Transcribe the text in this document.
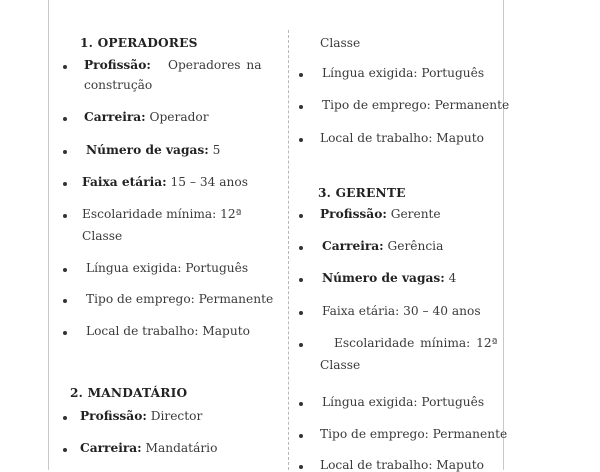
1. OPERADORES
Profissão: Operadores na
construção
Carreira: Operador
Número de vagas: 5
Faixa etária: 15 – 34 anos
Escolaridade mínima: 12ª
Classe
Língua exigida: Português
Tipo de emprego: Permanente
Local de trabalho: Maputo
2. MANDATÁRIO
Profissão: Director
Carreira: Mandatário
Classe
Língua exigida: Português
Tipo de emprego: Permanente
Local de trabalho: Maputo
3. GERENTE
Profissão: Gerente
Carreira: Gerência
Número de vagas: 4
Faixa etária: 30 – 40 anos
Escolaridade mínima: 12ª
Classe
Língua exigida: Português
Tipo de emprego: Permanente
Local de trabalho: Maputo
